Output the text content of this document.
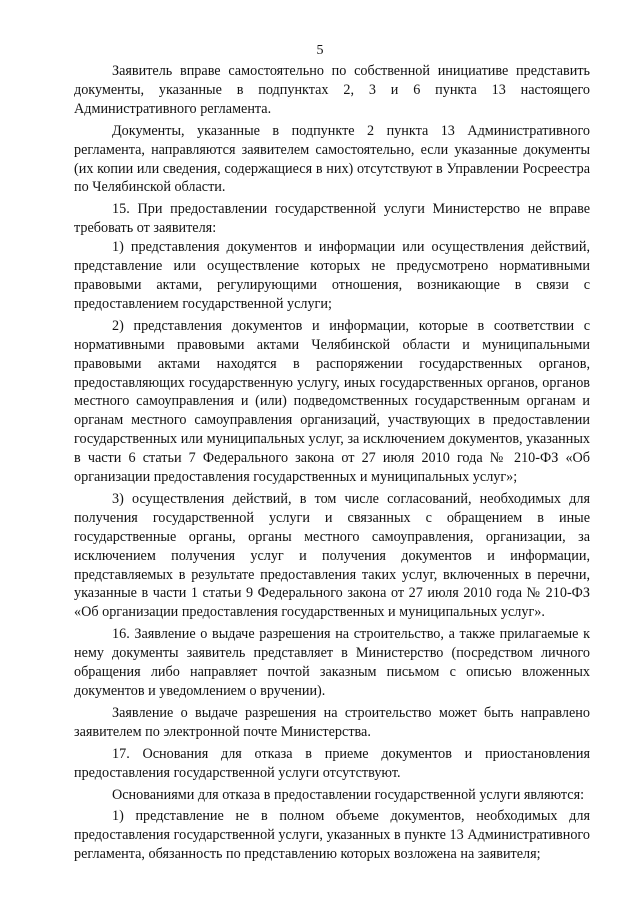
5

Заявитель вправе самостоятельно по собственной инициативе представить документы, указанные в подпунктах 2, 3 и 6 пункта 13 настоящего Административного регламента.

Документы, указанные в подпункте 2 пункта 13 Административного регламента, направляются заявителем самостоятельно, если указанные документы (их копии или сведения, содержащиеся в них) отсутствуют в Управлении Росреестра по Челябинской области.

15. При предоставлении государственной услуги Министерство не вправе требовать от заявителя:

1) представления документов и информации или осуществления действий, представление или осуществление которых не предусмотрено нормативными правовыми актами, регулирующими отношения, возникающие в связи с предоставлением государственной услуги;

2) представления документов и информации, которые в соответствии с нормативными правовыми актами Челябинской области и муниципальными правовыми актами находятся в распоряжении государственных органов, предоставляющих государственную услугу, иных государственных органов, органов местного самоуправления и (или) подведомственных государственным органам и органам местного самоуправления организаций, участвующих в предоставлении государственных или муниципальных услуг, за исключением документов, указанных в части 6 статьи 7 Федерального закона от 27 июля 2010 года № 210-ФЗ «Об организации предоставления государственных и муниципальных услуг»;

3) осуществления действий, в том числе согласований, необходимых для получения государственной услуги и связанных с обращением в иные государственные органы, органы местного самоуправления, организации, за исключением получения услуг и получения документов и информации, представляемых в результате предоставления таких услуг, включенных в перечни, указанные в части 1 статьи 9 Федерального закона от 27 июля 2010 года № 210-ФЗ «Об организации предоставления государственных и муниципальных услуг».

16. Заявление о выдаче разрешения на строительство, а также прилагаемые к нему документы заявитель представляет в Министерство (посредством личного обращения либо направляет почтой заказным письмом с описью вложенных документов и уведомлением о вручении).

Заявление о выдаче разрешения на строительство может быть направлено заявителем по электронной почте Министерства.

17. Основания для отказа в приеме документов и приостановления предоставления государственной услуги отсутствуют.

Основаниями для отказа в предоставлении государственной услуги являются:

1) представление не в полном объеме документов, необходимых для предоставления государственной услуги, указанных в пункте 13 Административного регламента, обязанность по представлению которых возложена на заявителя;
